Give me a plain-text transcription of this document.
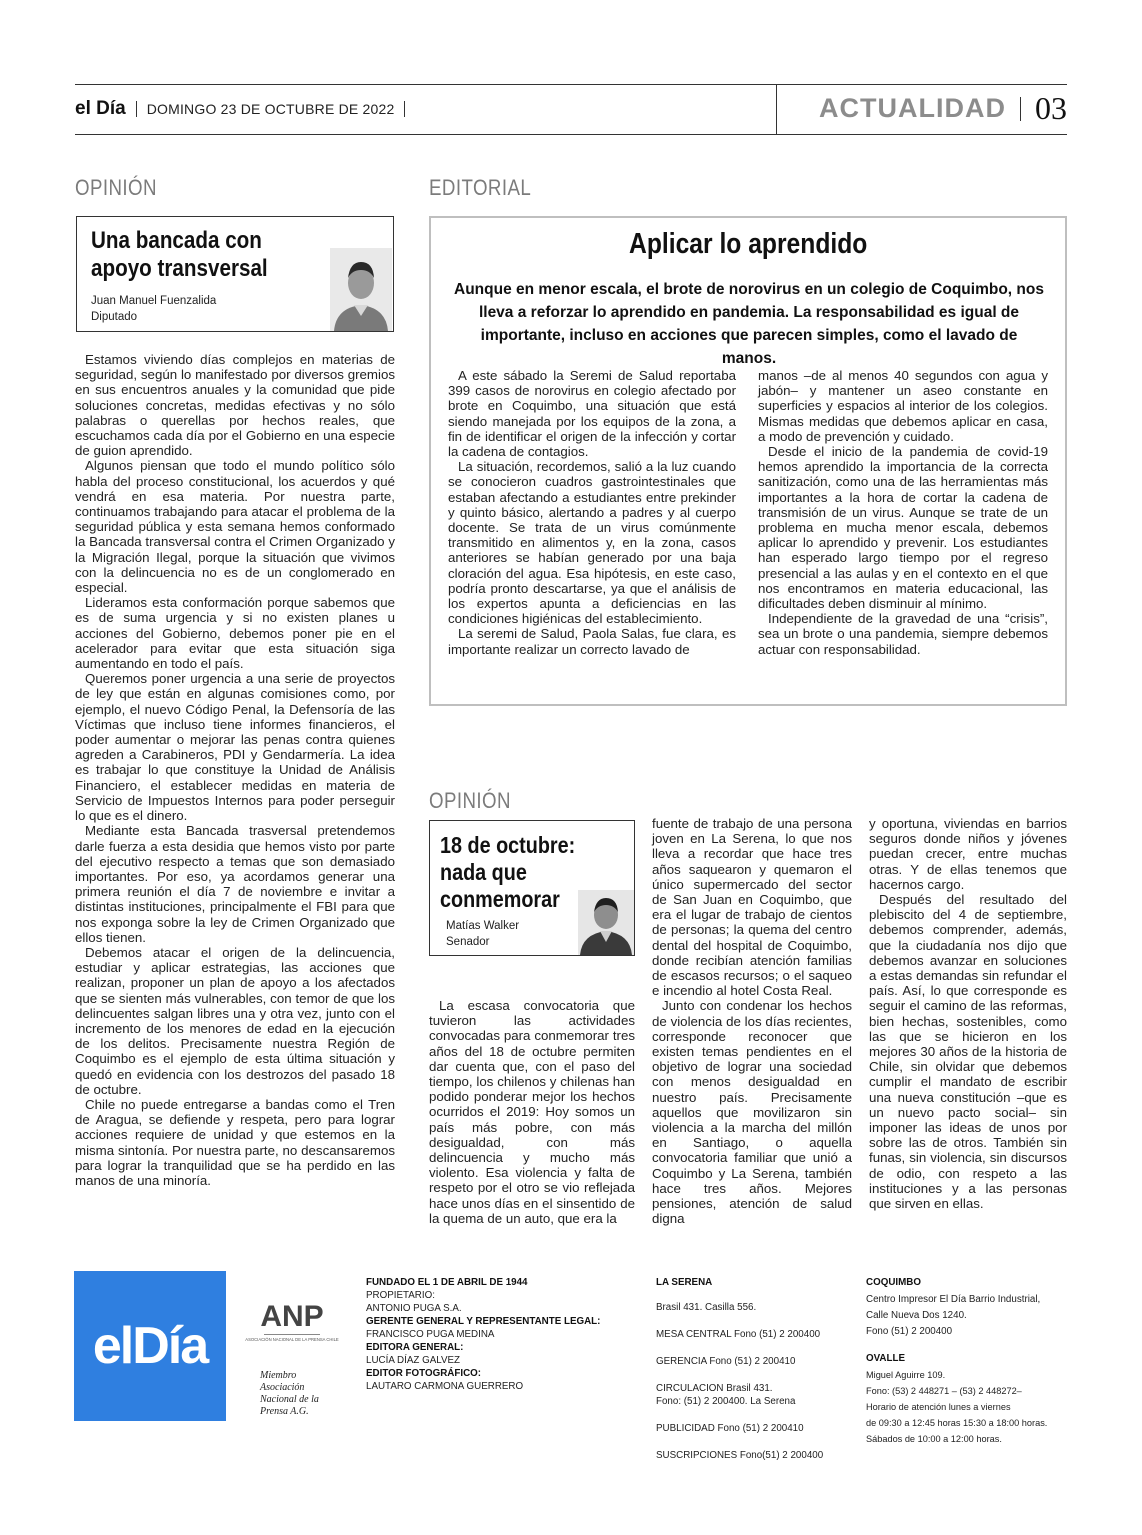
el Día DOMINGO 23 DE OCTUBRE DE 2022	ACTUALIDAD 03
OPINIÓN
Una bancada con
apoyo transversal
Juan Manuel Fuenzalida
Diputado

Estamos viviendo días complejos en materias de seguridad, según lo manifestado por diversos gremios en sus encuentros anuales y la comunidad que pide soluciones concretas, medidas efectivas y no sólo palabras o querellas por hechos reales, que escuchamos cada día por el Gobierno en una especie de guion aprendido.

Algunos piensan que todo el mundo político sólo habla del proceso constitucional, los acuerdos y qué vendrá en esa materia. Por nuestra parte, continuamos trabajando para atacar el problema de la seguridad pública y esta semana hemos conformado la Bancada transversal contra el Crimen Organizado y la Migración Ilegal, porque la situación que vivimos con la delincuencia no es de un conglomerado en especial.

Lideramos esta conformación porque sabemos que es de suma urgencia y si no existen planes u acciones del Gobierno, debemos poner pie en el acelerador para evitar que esta situación siga aumentando en todo el país.

Queremos poner urgencia a una serie de proyectos de ley que están en algunas comisiones como, por ejemplo, el nuevo Código Penal, la Defensoría de las Víctimas que incluso tiene informes financieros, el poder aumentar o mejorar las penas contra quienes agreden a Carabineros, PDI y Gendarmería. La idea es trabajar lo que constituye la Unidad de Análisis Financiero, el establecer medidas en materia de Servicio de Impuestos Internos para poder perseguir lo que es el dinero.

Mediante esta Bancada trasversal pretendemos darle fuerza a esta desidia que hemos visto por parte del ejecutivo respecto a temas que son demasiado importantes. Por eso, ya acordamos generar una primera reunión el día 7 de noviembre e invitar a distintas instituciones, principalmente el FBI para que nos exponga sobre la ley de Crimen Organizado que ellos tienen.

Debemos atacar el origen de la delincuencia, estudiar y aplicar estrategias, las acciones que realizan, proponer un plan de apoyo a los afectados que se sienten más vulnerables, con temor de que los delincuentes salgan libres una y otra vez, junto con el incremento de los menores de edad en la ejecución de los delitos. Precisamente nuestra Región de Coquimbo es el ejemplo de esta última situación y quedó en evidencia con los destrozos del pasado 18 de octubre.

Chile no puede entregarse a bandas como el Tren de Aragua, se defiende y respeta, pero para lograr acciones requiere de unidad y que estemos en la misma sintonía. Por nuestra parte, no descansaremos para lograr la tranquilidad que se ha perdido en las manos de una minoría.

EDITORIAL
Aplicar lo aprendido
Aunque en menor escala, el brote de norovirus en un colegio de Coquimbo, nos lleva a reforzar lo aprendido en pandemia. La responsabilidad es igual de importante, incluso en acciones que parecen simples, como el lavado de manos.

A este sábado la Seremi de Salud reportaba 399 casos de norovirus en colegio afectado por brote en Coquimbo, una situación que está siendo manejada por los equipos de la zona, a fin de identificar el origen de la infección y cortar la cadena de contagios.

La situación, recordemos, salió a la luz cuando se conocieron cuadros gastrointestinales que estaban afectando a estudiantes entre prekinder y quinto básico, alertando a padres y al cuerpo docente. Se trata de un virus comúnmente transmitido en alimentos y, en la zona, casos anteriores se habían generado por una baja cloración del agua. Esa hipótesis, en este caso, podría pronto descartarse, ya que el análisis de los expertos apunta a deficiencias en las condiciones higiénicas del establecimiento.

La seremi de Salud, Paola Salas, fue clara, es importante realizar un correcto lavado de

manos –de al menos 40 segundos con agua y jabón– y mantener un aseo constante en superficies y espacios al interior de los colegios. Mismas medidas que debemos aplicar en casa, a modo de prevención y cuidado.

Desde el inicio de la pandemia de covid-19 hemos aprendido la importancia de la correcta sanitización, como una de las herramientas más importantes a la hora de cortar la cadena de transmisión de un virus. Aunque se trate de un problema en mucha menor escala, debemos aplicar lo aprendido y prevenir. Los estudiantes han esperado largo tiempo por el regreso presencial a las aulas y en el contexto en el que nos encontramos en materia educacional, las dificultades deben disminuir al mínimo.

Independiente de la gravedad de una “crisis”, sea un brote o una pandemia, siempre debemos actuar con responsabilidad.

OPINIÓN
18 de octubre:
nada que
conmemorar
Matías Walker
Senador

La escasa convocatoria que tuvieron las actividades convocadas para conmemorar tres años del 18 de octubre permiten dar cuenta que, con el paso del tiempo, los chilenos y chilenas han podido ponderar mejor los hechos ocurridos el 2019: Hoy somos un país más pobre, con más desigualdad, con más delincuencia y mucho más violento. Esa violencia y falta de respeto por el otro se vio reflejada hace unos días en el sinsentido de la quema de un auto, que era la

fuente de trabajo de una persona joven en La Serena, lo que nos lleva a recordar que hace tres años saquearon y quemaron el único supermercado del sector de San Juan en Coquimbo, que era el lugar de trabajo de cientos de personas; la quema del centro dental del hospital de Coquimbo, donde recibían atención familias de escasos recursos; o el saqueo e incendio al hotel Costa Real.

Junto con condenar los hechos de violencia de los días recientes, corresponde reconocer que existen temas pendientes en el objetivo de lograr una sociedad con menos desigualdad en nuestro país. Precisamente aquellos que movilizaron sin violencia a la marcha del millón en Santiago, o aquella convocatoria familiar que unió a Coquimbo y La Serena, también hace tres años. Mejores pensiones, atención de salud digna

y oportuna, viviendas en barrios seguros donde niños y jóvenes puedan crecer, entre muchas otras. Y de ellas tenemos que hacernos cargo.

Después del resultado del plebiscito del 4 de septiembre, debemos comprender, además, que la ciudadanía nos dijo que debemos avanzar en soluciones a estas demandas sin refundar el país. Así, lo que corresponde es seguir el camino de las reformas, bien hechas, sostenibles, como las que se hicieron en los mejores 30 años de la historia de Chile, sin olvidar que debemos cumplir el mandato de escribir una nueva constitución –que es un nuevo pacto social– sin imponer las ideas de unos por sobre las de otros. También sin funas, sin violencia, sin discursos de odio, con respeto a las instituciones y a las personas que sirven en ellas.

elDía
ANP
ASOCIACIÓN NACIONAL DE LA PRENSA CHILE
Miembro Asociación Nacional de la Prensa A.G.
FUNDADO EL 1 DE ABRIL DE 1944
PROPIETARIO:
ANTONIO PUGA S.A.
GERENTE GENERAL Y REPRESENTANTE LEGAL:
FRANCISCO PUGA MEDINA
EDITORA GENERAL:
LUCÍA DÍAZ GALVEZ
EDITOR FOTOGRÁFICO:
LAUTARO CARMONA GUERRERO
LA SERENA
Brasil 431. Casilla 556.
MESA CENTRAL Fono (51) 2 200400
GERENCIA Fono (51) 2 200410
CIRCULACION Brasil 431.
Fono: (51) 2 200400. La Serena
PUBLICIDAD Fono (51) 2 200410
SUSCRIPCIONES Fono(51) 2 200400
COQUIMBO
Centro Impresor El Día Barrio Industrial,
Calle Nueva Dos 1240.
Fono (51) 2 200400
OVALLE
Miguel Aguirre 109.
Fono: (53) 2 448271 – (53) 2 448272–
Horario de atención lunes a viernes
de 09:30 a 12:45 horas 15:30 a 18:00 horas.
Sábados de 10:00 a 12:00 horas.
